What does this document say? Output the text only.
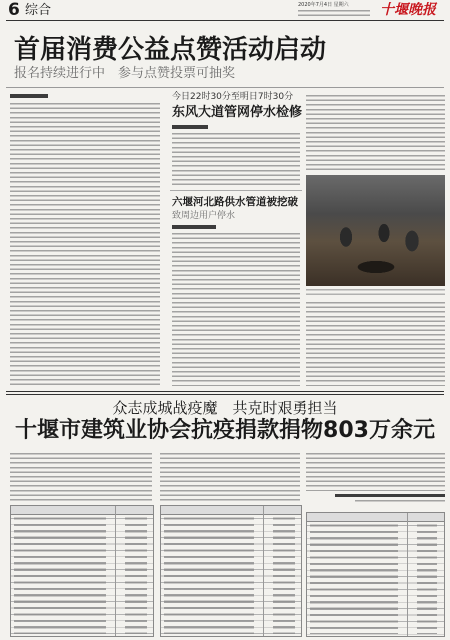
6 综合	2020年7月4日 星期六 十堰晚报
首届消费公益点赞活动启动
报名持续进行中　参与点赞投票可抽奖
今日22时30分至明日7时30分
东风大道管网停水检修
六堰河北路供水管道被挖破
致周边用户停水
众志成城战疫魔　共克时艰勇担当
十堰市建筑业协会抗疫捐款捐物803万余元
